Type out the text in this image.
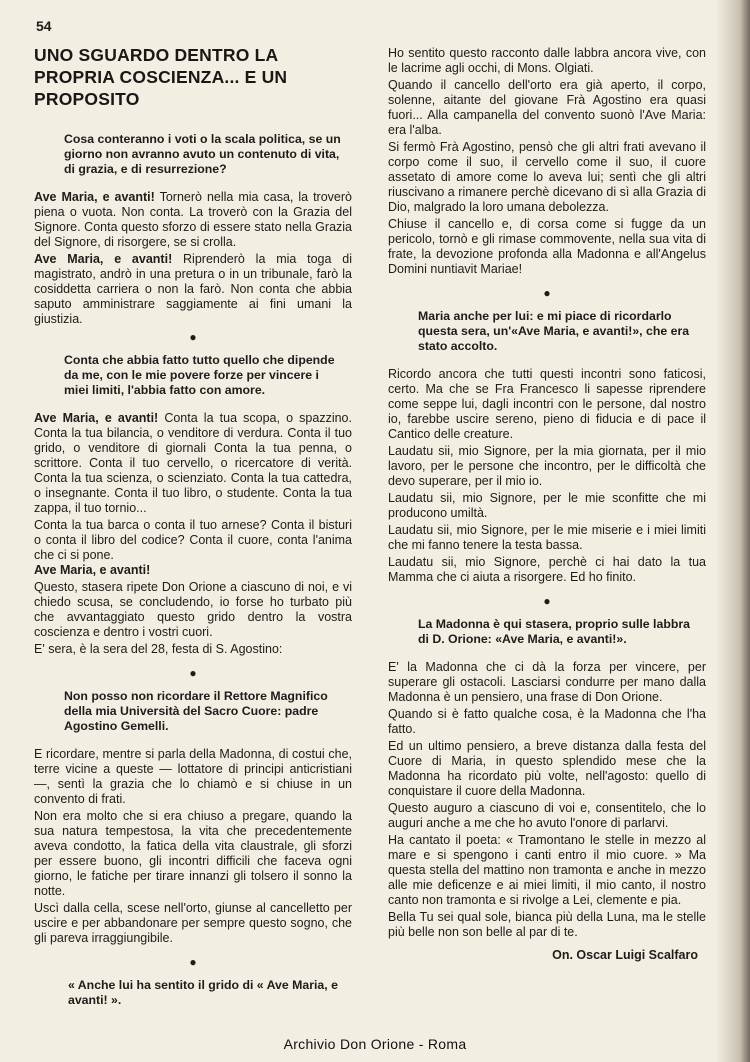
54
UNO SGUARDO DENTRO LA PROPRIA COSCIENZA... E UN PROPOSITO
Cosa conteranno i voti o la scala politica, se un giorno non avranno avuto un contenuto di vita, di grazia, e di resurrezione?

Ave Maria, e avanti! Tornerò nella mia casa, la troverò piena o vuota. Non conta. La troverò con la Grazia del Signore. Conta questo sforzo di essere stato nella Grazia del Signore, di risorgere, se si crolla.

Ave Maria, e avanti! Riprenderò la mia toga di magistrato, andrò in una pretura o in un tribunale, farò la cosiddetta carriera o non la farò. Non conta che abbia saputo amministrare saggiamente ai fini umani la giustizia.

●
Conta che abbia fatto tutto quello che dipende da me, con le mie povere forze per vincere i miei limiti, l'abbia fatto con amore.

Ave Maria, e avanti! Conta la tua scopa, o spazzino. Conta la tua bilancia, o venditore di verdura. Conta il tuo grido, o venditore di giornali Conta la tua penna, o scrittore. Conta il tuo cervello, o ricercatore di verità. Conta la tua scienza, o scienziato. Conta la tua cattedra, o insegnante. Conta il tuo libro, o studente. Conta la tua zappa, il tuo tornio...

Conta la tua barca o conta il tuo arnese? Conta il bisturi o conta il libro del codice? Conta il cuore, conta l'anima che ci si pone.
Ave Maria, e avanti!

Questo, stasera ripete Don Orione a ciascuno di noi, e vi chiedo scusa, se concludendo, io forse ho turbato più che avvantaggiato questo grido dentro la vostra coscienza e dentro i vostri cuori.

E' sera, è la sera del 28, festa di S. Agostino:

●
Non posso non ricordare il Rettore Magnifico della mia Università del Sacro Cuore: padre Agostino Gemelli.

E ricordare, mentre si parla della Madonna, di costui che, terre vicine a queste — lottatore di principi anticristiani —, sentì la grazia che lo chiamò e si chiuse in un convento di frati.

Non era molto che si era chiuso a pregare, quando la sua natura tempestosa, la vita che precedentemente aveva condotto, la fatica della vita claustrale, gli sforzi per essere buono, gli incontri difficili che faceva ogni giorno, le fatiche per tirare innanzi gli tolsero il sonno la notte.

Uscì dalla cella, scese nell'orto, giunse al cancelletto per uscire e per abbandonare per sempre questo sogno, che gli pareva irraggiungibile.

●
« Anche lui ha sentito il grido di « Ave Maria, e avanti! ».

Ho sentito questo racconto dalle labbra ancora vive, con le lacrime agli occhi, di Mons. Olgiati.

Quando il cancello dell'orto era già aperto, il corpo, solenne, aitante del giovane Frà Agostino era quasi fuori... Alla campanella del convento suonò l'Ave Maria: era l'alba.

Si fermò Frà Agostino, pensò che gli altri frati avevano il corpo come il suo, il cervello come il suo, il cuore assetato di amore come lo aveva lui; sentì che gli altri riuscivano a rimanere perchè dicevano di sì alla Grazia di Dio, malgrado la loro umana debolezza.

Chiuse il cancello e, di corsa come si fugge da un pericolo, tornò e gli rimase commovente, nella sua vita di frate, la devozione profonda alla Madonna e all'Angelus Domini nuntiavit Mariae!

●
Maria anche per lui: e mi piace di ricordarlo questa sera, un'«Ave Maria, e avanti!», che era stato accolto.

Ricordo ancora che tutti questi incontri sono faticosi, certo. Ma che se Fra Francesco li sapesse riprendere come seppe lui, dagli incontri con le persone, dal nostro io, farebbe uscire sereno, pieno di fiducia e di pace il Cantico delle creature.

Laudatu sii, mio Signore, per la mia giornata, per il mio lavoro, per le persone che incontro, per le difficoltà che devo superare, per il mio io.

Laudatu sii, mio Signore, per le mie sconfitte che mi producono umiltà.

Laudatu sii, mio Signore, per le mie miserie e i miei limiti che mi fanno tenere la testa bassa.

Laudatu sii, mio Signore, perchè ci hai dato la tua Mamma che ci aiuta a risorgere. Ed ho finito.

●
La Madonna è qui stasera, proprio sulle labbra di D. Orione: «Ave Maria, e avanti!».

E' la Madonna che ci dà la forza per vincere, per superare gli ostacoli. Lasciarsi condurre per mano dalla Madonna è un pensiero, una frase di Don Orione.

Quando si è fatto qualche cosa, è la Madonna che l'ha fatto.

Ed un ultimo pensiero, a breve distanza dalla festa del Cuore di Maria, in questo splendido mese che la Madonna ha ricordato più volte, nell'agosto: quello di conquistare il cuore della Madonna.

Questo auguro a ciascuno di voi e, consentitelo, che lo auguri anche a me che ho avuto l'onore di parlarvi.

Ha cantato il poeta: « Tramontano le stelle in mezzo al mare e si spengono i canti entro il mio cuore. » Ma questa stella del mattino non tramonta e anche in mezzo alle mie deficenze e ai miei limiti, il mio canto, il nostro canto non tramonta e si rivolge a Lei, clemente e pia.

Bella Tu sei qual sole, bianca più della Luna, ma le stelle più belle non son belle al par di te.

On. Oscar Luigi Scalfaro
Archivio Don Orione - Roma
